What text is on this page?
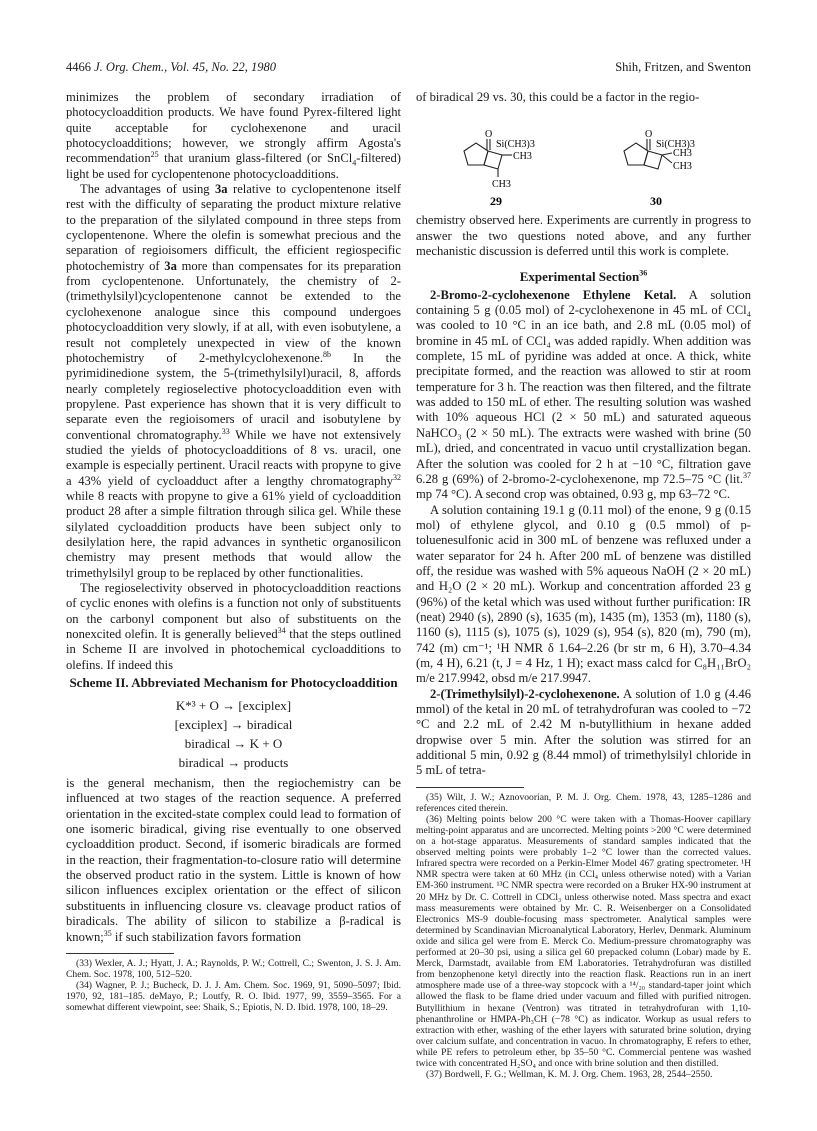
4466 J. Org. Chem., Vol. 45, No. 22, 1980	Shih, Fritzen, and Swenton

minimizes the problem of secondary irradiation of photocycloaddition products. We have found Pyrex-filtered light quite acceptable for cyclohexenone and uracil photocycloadditions; however, we strongly affirm Agosta's recommendation$^{25}$ that uranium glass-filtered (or SnCl$_4$-filtered) light be used for cyclopentenone photocycloadditions.

The advantages of using 3a relative to cyclopentenone itself rest with the difficulty of separating the product mixture relative to the preparation of the silylated compound in three steps from cyclopentenone. Where the olefin is somewhat precious and the separation of regioisomers difficult, the efficient regiospecific photochemistry of 3a more than compensates for its preparation from cyclopentenone. Unfortunately, the chemistry of 2-(trimethylsilyl)cyclopentenone cannot be extended to the cyclohexenone analogue since this compound undergoes photocycloaddition very slowly, if at all, with even isobutylene, a result not completely unexpected in view of the known photochemistry of 2-methylcyclohexenone.$^{8b}$ In the pyrimidinedione system, the 5-(trimethylsilyl)uracil, 8, affords nearly completely regioselective photocycloaddition even with propylene. Past experience has shown that it is very difficult to separate even the regioisomers of uracil and isobutylene by conventional chromatography.$^{33}$ While we have not extensively studied the yields of photocycloadditions of 8 vs. uracil, one example is especially pertinent. Uracil reacts with propyne to give a 43% yield of cycloadduct after a lengthy chromatography$^{32}$ while 8 reacts with propyne to give a 61% yield of cycloaddition product 28 after a simple filtration through silica gel. While these silylated cycloaddition products have been subject only to desilylation here, the rapid advances in synthetic organosilicon chemistry may present methods that would allow the trimethylsilyl group to be replaced by other functionalities.

The regioselectivity observed in photocycloaddition reactions of cyclic enones with olefins is a function not only of substituents on the carbonyl component but also of substituents on the nonexcited olefin. It is generally believed$^{34}$ that the steps outlined in Scheme II are involved in photochemical cycloadditions to olefins. If indeed this

Scheme II. Abbreviated Mechanism for Photocycloaddition
K*³ + O → [exciplex]
[exciplex] → biradical
biradical → K + O
biradical → products

is the general mechanism, then the regiochemistry can be influenced at two stages of the reaction sequence. A preferred orientation in the excited-state complex could lead to formation of one isomeric biradical, giving rise eventually to one observed cycloaddition product. Second, if isomeric biradicals are formed in the reaction, their fragmentation-to-closure ratio will determine the observed product ratio in the system. Little is known of how silicon influences exciplex orientation or the effect of silicon substituents in influencing closure vs. cleavage product ratios of biradicals. The ability of silicon to stabilize a β-radical is known;$^{35}$ if such stabilization favors formation

(33) Wexler, A. J.; Hyatt, J. A.; Raynolds, P. W.; Cottrell, C.; Swenton, J. S. J. Am. Chem. Soc. 1978, 100, 512–520.

(34) Wagner, P. J.; Bucheck, D. J. J. Am. Chem. Soc. 1969, 91, 5090–5097; Ibid. 1970, 92, 181–185. deMayo, P.; Loutfy, R. O. Ibid. 1977, 99, 3559–3565. For a somewhat different viewpoint, see: Shaik, S.; Epiotis, N. D. Ibid. 1978, 100, 18–29.

of biradical 29 vs. 30, this could be a factor in the regio-

O
Si(CH3)3
CH3
CH3
29
O
Si(CH3)3
CH3
CH3
30

chemistry observed here. Experiments are currently in progress to answer the two questions noted above, and any further mechanistic discussion is deferred until this work is complete.

Experimental Section$^{36}$

2-Bromo-2-cyclohexenone Ethylene Ketal. A solution containing 5 g (0.05 mol) of 2-cyclohexenone in 45 mL of CCl₄ was cooled to 10 °C in an ice bath, and 2.8 mL (0.05 mol) of bromine in 45 mL of CCl₄ was added rapidly. When addition was complete, 15 mL of pyridine was added at once. A thick, white precipitate formed, and the reaction was allowed to stir at room temperature for 3 h. The reaction was then filtered, and the filtrate was added to 150 mL of ether. The resulting solution was washed with 10% aqueous HCl (2 × 50 mL) and saturated aqueous NaHCO₃ (2 × 50 mL). The extracts were washed with brine (50 mL), dried, and concentrated in vacuo until crystallization began. After the solution was cooled for 2 h at −10 °C, filtration gave 6.28 g (69%) of 2-bromo-2-cyclohexenone, mp 72.5–75 °C (lit.$^{37}$ mp 74 °C). A second crop was obtained, 0.93 g, mp 63–72 °C.

A solution containing 19.1 g (0.11 mol) of the enone, 9 g (0.15 mol) of ethylene glycol, and 0.10 g (0.5 mmol) of p-toluenesulfonic acid in 300 mL of benzene was refluxed under a water separator for 24 h. After 200 mL of benzene was distilled off, the residue was washed with 5% aqueous NaOH (2 × 20 mL) and H₂O (2 × 20 mL). Workup and concentration afforded 23 g (96%) of the ketal which was used without further purification: IR (neat) 2940 (s), 2890 (s), 1635 (m), 1435 (m), 1353 (m), 1180 (s), 1160 (s), 1115 (s), 1075 (s), 1029 (s), 954 (s), 820 (m), 790 (m), 742 (m) cm⁻¹; ¹H NMR δ 1.64–2.26 (br str m, 6 H), 3.70–4.34 (m, 4 H), 6.21 (t, J = 4 Hz, 1 H); exact mass calcd for C₈H₁₁BrO₂ m/e 217.9942, obsd m/e 217.9947.

2-(Trimethylsilyl)-2-cyclohexenone. A solution of 1.0 g (4.46 mmol) of the ketal in 20 mL of tetrahydrofuran was cooled to −72 °C and 2.2 mL of 2.42 M n-butyllithium in hexane added dropwise over 5 min. After the solution was stirred for an additional 5 min, 0.92 g (8.44 mmol) of trimethylsilyl chloride in 5 mL of tetra-

(35) Wilt, J. W.; Aznovoorian, P. M. J. Org. Chem. 1978, 43, 1285–1286 and references cited therein.

(36) Melting points below 200 °C were taken with a Thomas-Hoover capillary melting-point apparatus and are uncorrected. Melting points >200 °C were determined on a hot-stage apparatus. Measurements of standard samples indicated that the observed melting points were probably 1–2 °C lower than the corrected values. Infrared spectra were recorded on a Perkin-Elmer Model 467 grating spectrometer. ¹H NMR spectra were taken at 60 MHz (in CCl₄ unless otherwise noted) with a Varian EM-360 instrument. ¹³C NMR spectra were recorded on a Bruker HX-90 instrument at 20 MHz by Dr. C. Cottrell in CDCl₃ unless otherwise noted. Mass spectra and exact mass measurements were obtained by Mr. C. R. Weisenberger on a Consolidated Electronics MS-9 double-focusing mass spectrometer. Analytical samples were determined by Scandinavian Microanalytical Laboratory, Herlev, Denmark. Aluminum oxide and silica gel were from E. Merck Co. Medium-pressure chromatography was performed at 20–30 psi, using a silica gel 60 prepacked column (Lobar) made by E. Merck, Darmstadt, available from EM Laboratories. Tetrahydrofuran was distilled from benzophenone ketyl directly into the reaction flask. Reactions run in an inert atmosphere made use of a three-way stopcock with a ¹⁴/₂₀ standard-taper joint which allowed the flask to be flame dried under vacuum and filled with purified nitrogen. Butyllithium in hexane (Ventron) was titrated in tetrahydrofuran with 1,10-phenanthroline or HMPA-Ph₃CH (−78 °C) as indicator. Workup as usual refers to extraction with ether, washing of the ether layers with saturated brine solution, drying over calcium sulfate, and concentration in vacuo. In chromatography, E refers to ether, while PE refers to petroleum ether, bp 35–50 °C. Commercial pentene was washed twice with concentrated H₂SO₄ and once with brine solution and then distilled.

(37) Bordwell, F. G.; Wellman, K. M. J. Org. Chem. 1963, 28, 2544–2550.
